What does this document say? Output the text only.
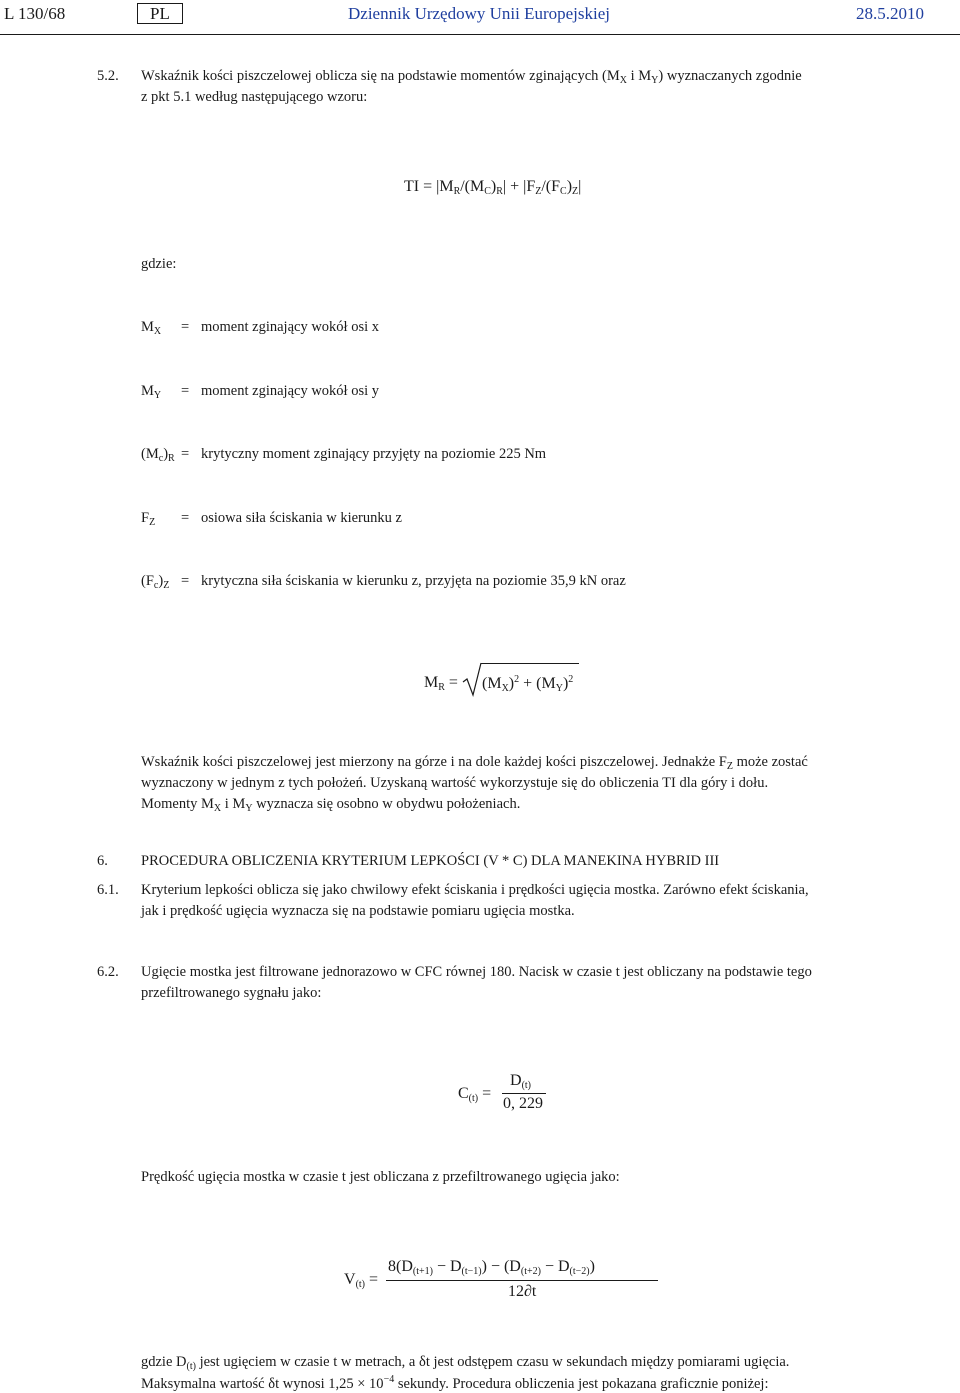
L 130/68	PL	Dziennik Urzędowy Unii Europejskiej	28.5.2010
5.2. Wskaźnik kości piszczelowej oblicza się na podstawie momentów zginających ($M_X$ i $M_Y$) wyznaczanych zgodnie
z pkt 5.1 według następującego wzoru:
TI = $|M_R/(M_C)_R| + |F_Z/(F_C)_Z|$
gdzie:
$M_X$ = moment zginający wokół osi x
$M_Y$ = moment zginający wokół osi y
$(M_c)_R$ = krytyczny moment zginający przyjęty na poziomie 225 Nm
$F_Z$ = osiowa siła ściskania w kierunku z
$(F_c)_Z$ = krytyczna siła ściskania w kierunku z, przyjęta na poziomie 35,9 kN oraz
$M_R = (M_X)^2 + (M_Y)^2$
Wskaźnik kości piszczelowej jest mierzony na górze i na dole każdej kości piszczelowej. Jednakże $F_Z$ może zostać
wyznaczony w jednym z tych położeń. Uzyskaną wartość wykorzystuje się do obliczenia TI dla góry i dołu.
Momenty $M_X$ i $M_Y$ wyznacza się osobno w obydwu położeniach.
6. PROCEDURA OBLICZENIA KRYTERIUM LEPKOŚCI (V * C) DLA MANEKINA HYBRID III
6.1. Kryterium lepkości oblicza się jako chwilowy efekt ściskania i prędkości ugięcia mostka. Zarówno efekt ściskania,
jak i prędkość ugięcia wyznacza się na podstawie pomiaru ugięcia mostka.
6.2. Ugięcie mostka jest filtrowane jednorazowo w CFC równej 180. Nacisk w czasie t jest obliczany na podstawie tego
przefiltrowanego sygnału jako:
$C_{(t)}$ =
$D_{(t)}$
0, 229
Prędkość ugięcia mostka w czasie t jest obliczana z przefiltrowanego ugięcia jako:
$V_{(t)}$ =
$8(D_{(t+1)} - D_{(t-1)}) - (D_{(t+2)} - D_{(t-2)})$
12∂t
gdzie $D_{(t)}$ jest ugięciem w czasie t w metrach, a δt jest odstępem czasu w sekundach między pomiarami ugięcia.
Maksymalna wartość δt wynosi $1,25 \times 10^{-4}$ sekundy. Procedura obliczenia jest pokazana graficznie poniżej:
